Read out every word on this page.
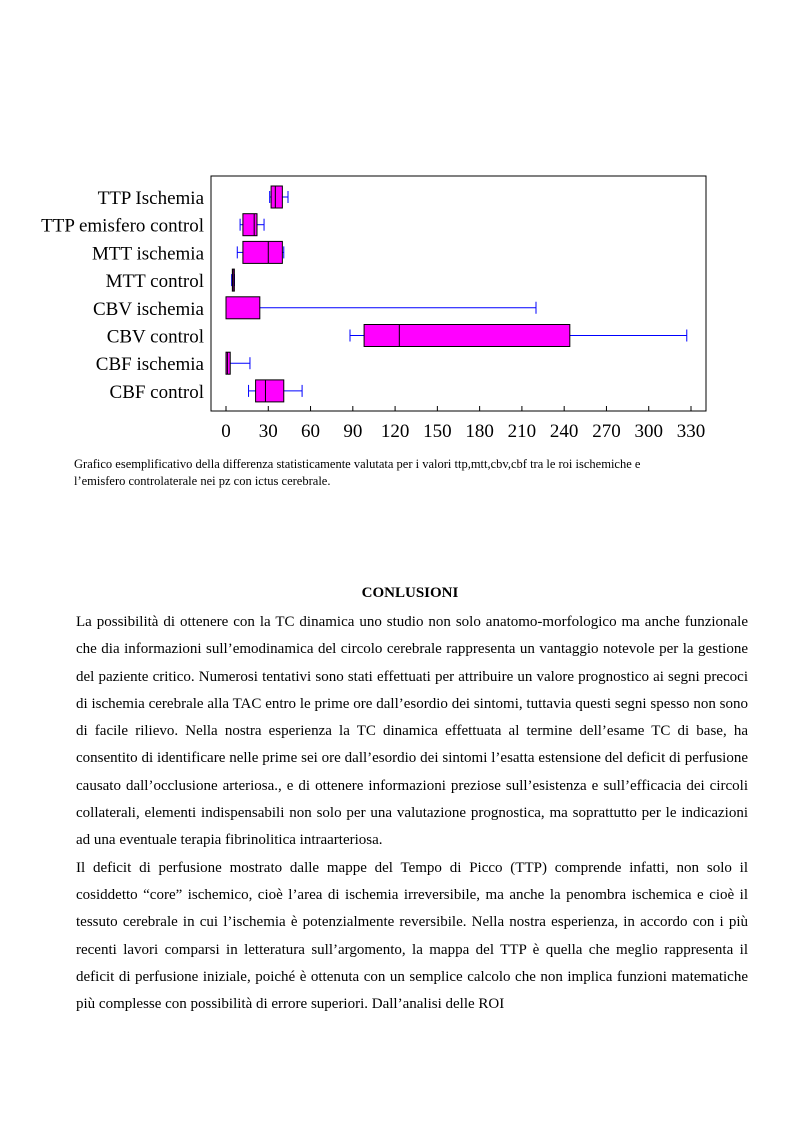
0 30 60 90 120 150 180 210 240 270 300 330
TTP Ischemia
TTP emisfero control
MTT ischemia
MTT control
CBV ischemia
CBV control
CBF ischemia
CBF control
Grafico esemplificativo della differenza statisticamente valutata per i valori ttp,mtt,cbv,cbf tra le roi ischemiche e
l’emisfero controlaterale nei pz con ictus cerebrale.
CONLUSIONI

La possibilità di ottenere con la TC dinamica uno studio non solo anatomo-morfologico ma anche funzionale che dia informazioni sull’emodinamica del circolo cerebrale rappresenta un vantaggio notevole per la gestione del paziente critico. Numerosi tentativi sono stati effettuati per attribuire un valore prognostico ai segni precoci di ischemia cerebrale alla TAC entro le prime ore dall’esordio dei sintomi, tuttavia questi segni spesso non sono di facile rilievo. Nella nostra esperienza la TC dinamica effettuata al termine dell’esame TC di base, ha consentito di identificare nelle prime sei ore dall’esordio dei sintomi l’esatta estensione del deficit di perfusione causato dall’occlusione arteriosa., e di ottenere informazioni preziose sull’esistenza e sull’efficacia dei circoli collaterali, elementi indispensabili non solo per una valutazione prognostica, ma soprattutto per le indicazioni ad una eventuale terapia fibrinolitica intraarteriosa.

Il deficit di perfusione mostrato dalle mappe del Tempo di Picco (TTP) comprende infatti, non solo il cosiddetto “core” ischemico, cioè l’area di ischemia irreversibile, ma anche la penombra ischemica e cioè il tessuto cerebrale in cui l’ischemia è potenzialmente reversibile. Nella nostra esperienza, in accordo con i più recenti lavori comparsi in letteratura sull’argomento, la mappa del TTP è quella che meglio rappresenta il deficit di perfusione iniziale, poiché è ottenuta con un semplice calcolo che non implica funzioni matematiche più complesse con possibilità di errore superiori. Dall’analisi delle ROI
